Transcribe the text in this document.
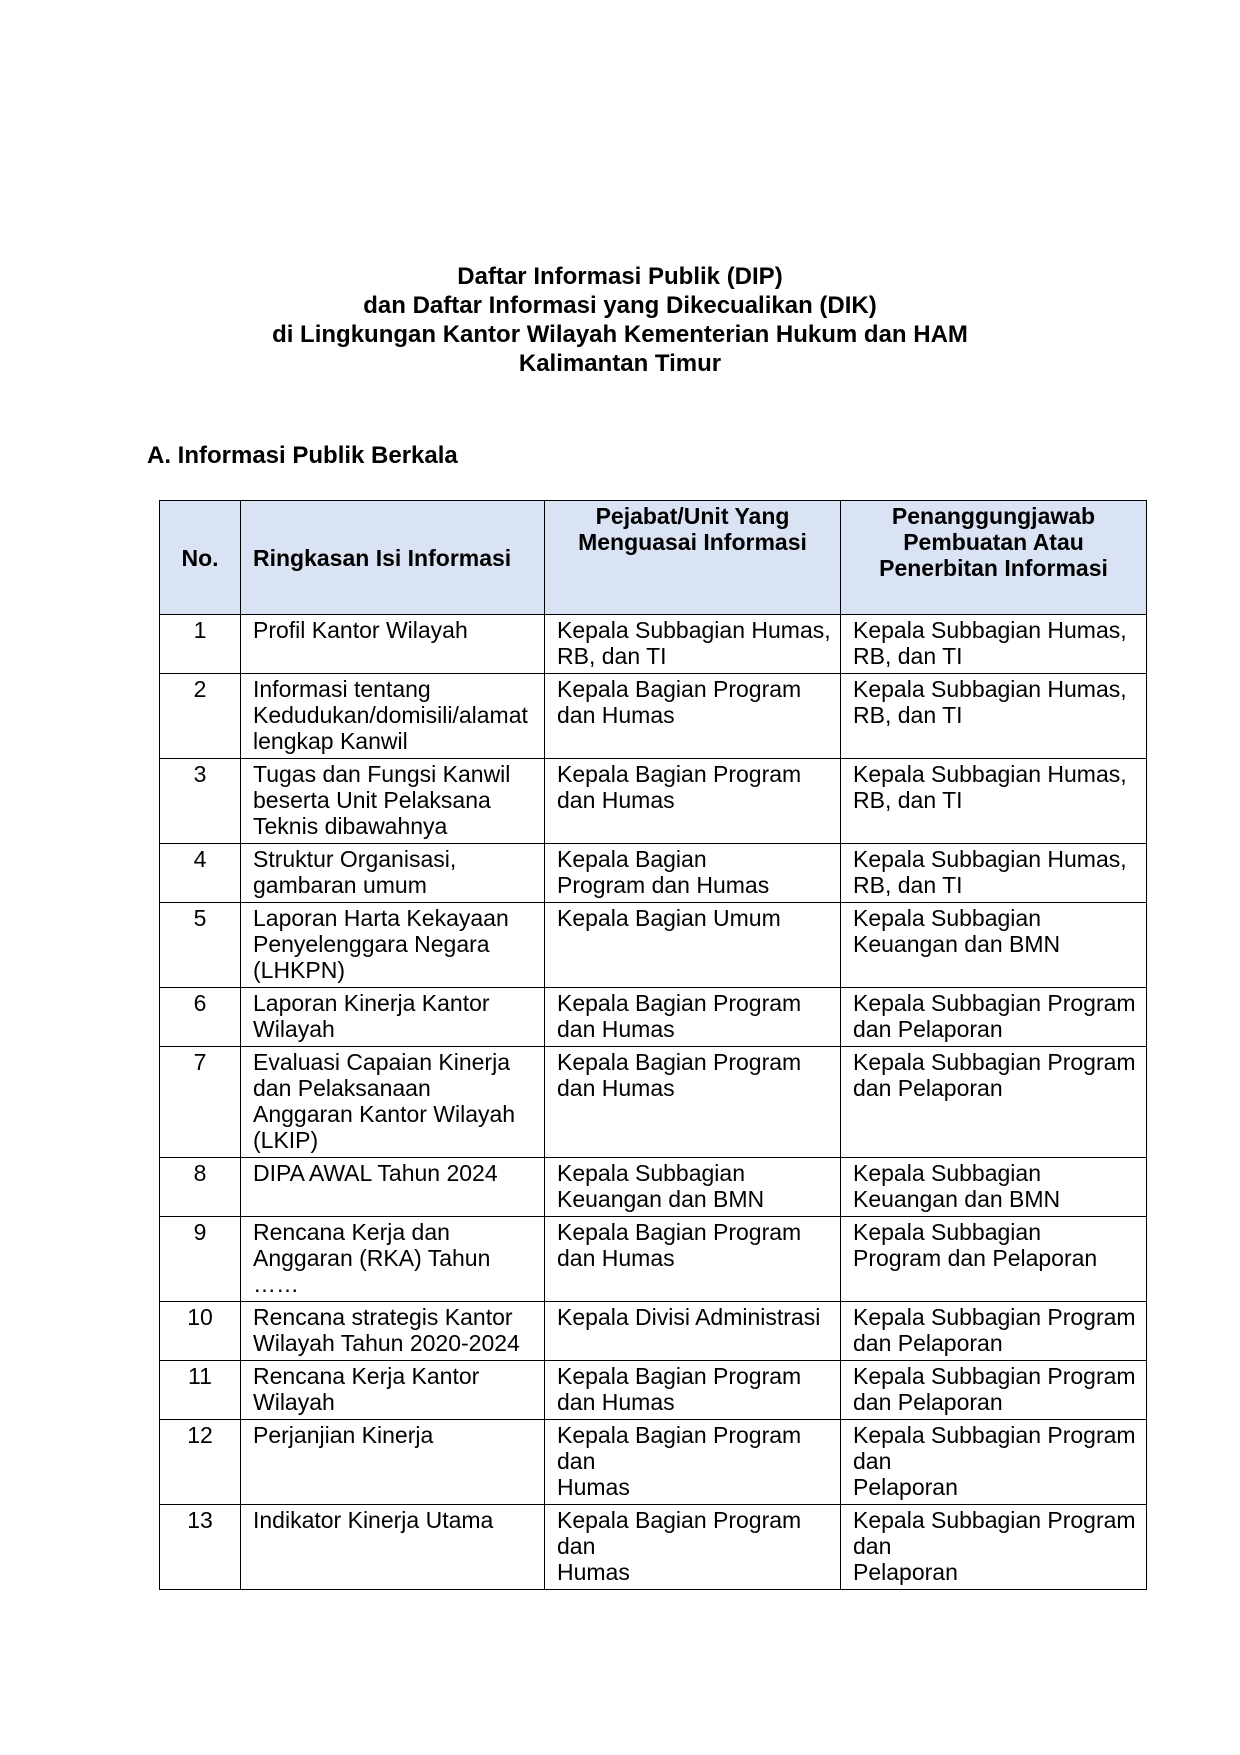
Daftar Informasi Publik (DIP)
dan Daftar Informasi yang Dikecualikan (DIK)
di Lingkungan Kantor Wilayah Kementerian Hukum dan HAM
Kalimantan Timur
A. Informasi Publik Berkala
No.	Ringkasan Isi Informasi	Pejabat/Unit Yang
Menguasai Informasi	Penanggungjawab
Pembuatan Atau
Penerbitan Informasi
1	Profil Kantor Wilayah	Kepala Subbagian Humas,
RB, dan TI	Kepala Subbagian Humas,
RB, dan TI
2	Informasi tentang
Kedudukan/domisili/alamat
lengkap Kanwil	Kepala Bagian Program
dan Humas	Kepala Subbagian Humas,
RB, dan TI
3	Tugas dan Fungsi Kanwil
beserta Unit Pelaksana
Teknis dibawahnya	Kepala Bagian Program
dan Humas	Kepala Subbagian Humas,
RB, dan TI
4	Struktur Organisasi,
gambaran umum	Kepala Bagian
Program dan Humas	Kepala Subbagian Humas,
RB, dan TI
5	Laporan Harta Kekayaan
Penyelenggara Negara
(LHKPN)	Kepala Bagian Umum	Kepala Subbagian
Keuangan dan BMN
6	Laporan Kinerja Kantor
Wilayah	Kepala Bagian Program
dan Humas	Kepala Subbagian Program
dan Pelaporan
7	Evaluasi Capaian Kinerja
dan Pelaksanaan
Anggaran Kantor Wilayah
(LKIP)	Kepala Bagian Program
dan Humas	Kepala Subbagian Program
dan Pelaporan
8	DIPA AWAL Tahun 2024	Kepala Subbagian
Keuangan dan BMN	Kepala Subbagian
Keuangan dan BMN
9	Rencana Kerja dan
Anggaran (RKA) Tahun
……	Kepala Bagian Program
dan Humas	Kepala Subbagian
Program dan Pelaporan
10	Rencana strategis Kantor
Wilayah Tahun 2020-2024	Kepala Divisi Administrasi	Kepala Subbagian Program
dan Pelaporan
11	Rencana Kerja Kantor
Wilayah	Kepala Bagian Program
dan Humas	Kepala Subbagian Program
dan Pelaporan
12	Perjanjian Kinerja	Kepala Bagian Program
dan
Humas	Kepala Subbagian Program
dan
Pelaporan
13	Indikator Kinerja Utama	Kepala Bagian Program
dan
Humas	Kepala Subbagian Program
dan
Pelaporan
